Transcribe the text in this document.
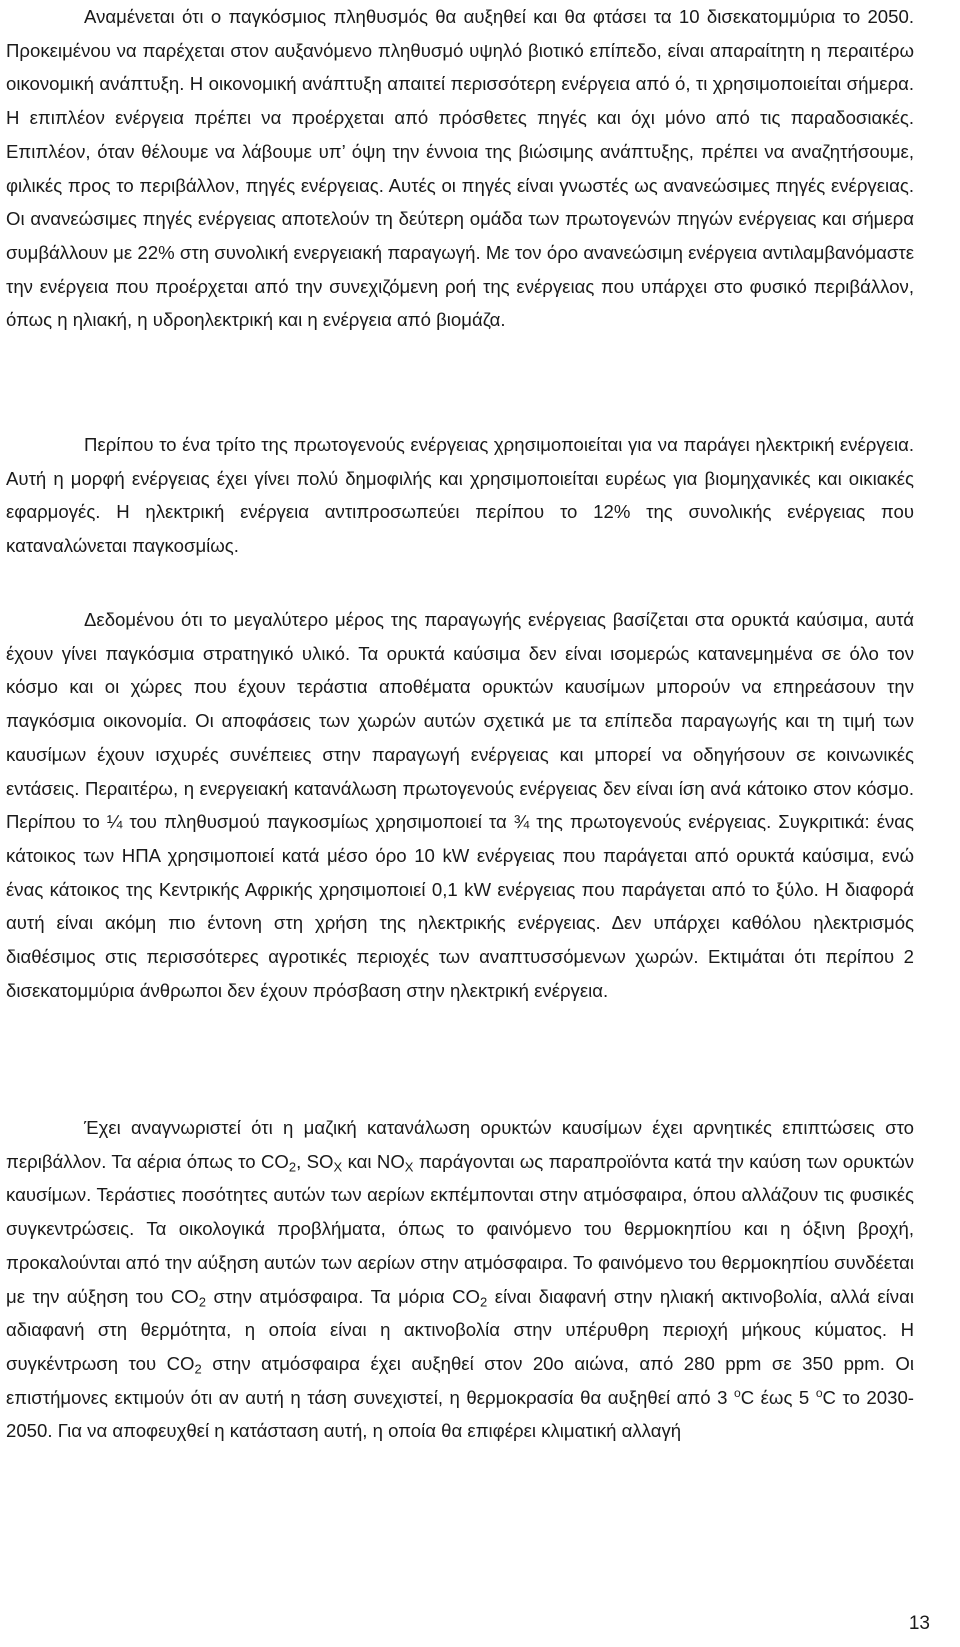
Αναμένεται ότι ο παγκόσμιος πληθυσμός θα αυξηθεί και θα φτάσει τα 10 δισεκατομμύρια το 2050. Προκειμένου να παρέχεται στον αυξανόμενο πληθυσμό υψηλό βιοτικό επίπεδο, είναι απαραίτητη η περαιτέρω οικονομική ανάπτυξη. Η οικονομική ανάπτυξη απαιτεί περισσότερη ενέργεια από ό, τι χρησιμοποιείται σήμερα. Η επιπλέον ενέργεια πρέπει να προέρχεται από πρόσθετες πηγές και όχι μόνο από τις παραδοσιακές. Επιπλέον, όταν θέλουμε να λάβουμε υπ’ όψη την έννοια της βιώσιμης ανάπτυξης, πρέπει να αναζητήσουμε, φιλικές προς το περιβάλλον, πηγές ενέργειας. Αυτές οι πηγές είναι γνωστές ως ανανεώσιμες πηγές ενέργειας. Οι ανανεώσιμες πηγές ενέργειας αποτελούν τη δεύτερη ομάδα των πρωτογενών πηγών ενέργειας και σήμερα συμβάλλουν με 22% στη συνολική ενεργειακή παραγωγή. Με τον όρο ανανεώσιμη ενέργεια αντιλαμβανόμαστε την ενέργεια που προέρχεται από την συνεχιζόμενη ροή της ενέργειας που υπάρχει στο φυσικό περιβάλλον, όπως η ηλιακή, η υδροηλεκτρική και η ενέργεια από βιομάζα.

Περίπου το ένα τρίτο της πρωτογενούς ενέργειας χρησιμοποιείται για να παράγει ηλεκτρική ενέργεια. Αυτή η μορφή ενέργειας έχει γίνει πολύ δημοφιλής και χρησιμοποιείται ευρέως για βιομηχανικές και οικιακές εφαρμογές. Η ηλεκτρική ενέργεια αντιπροσωπεύει περίπου το 12% της συνολικής ενέργειας που καταναλώνεται παγκοσμίως.

Δεδομένου ότι το μεγαλύτερο μέρος της παραγωγής ενέργειας βασίζεται στα ορυκτά καύσιμα, αυτά έχουν γίνει παγκόσμια στρατηγικό υλικό. Τα ορυκτά καύσιμα δεν είναι ισομερώς κατανεμημένα σε όλο τον κόσμο και οι χώρες που έχουν τεράστια αποθέματα ορυκτών καυσίμων μπορούν να επηρεάσουν την παγκόσμια οικονομία. Οι αποφάσεις των χωρών αυτών σχετικά με τα επίπεδα παραγωγής και τη τιμή των καυσίμων έχουν ισχυρές συνέπειες στην παραγωγή ενέργειας και μπορεί να οδηγήσουν σε κοινωνικές εντάσεις. Περαιτέρω, η ενεργειακή κατανάλωση πρωτογενούς ενέργειας δεν είναι ίση ανά κάτοικο στον κόσμο. Περίπου το ¼ του πληθυσμού παγκοσμίως χρησιμοποιεί τα ¾ της πρωτογενούς ενέργειας. Συγκριτικά: ένας κάτοικος των ΗΠΑ χρησιμοποιεί κατά μέσο όρο 10 kW ενέργειας που παράγεται από ορυκτά καύσιμα, ενώ ένας κάτοικος της Κεντρικής Αφρικής χρησιμοποιεί 0,1 kW ενέργειας που παράγεται από το ξύλο. Η διαφορά αυτή είναι ακόμη πιο έντονη στη χρήση της ηλεκτρικής ενέργειας. Δεν υπάρχει καθόλου ηλεκτρισμός διαθέσιμος στις περισσότερες αγροτικές περιοχές των αναπτυσσόμενων χωρών. Εκτιμάται ότι περίπου 2 δισεκατομμύρια άνθρωποι δεν έχουν πρόσβαση στην ηλεκτρική ενέργεια.

Έχει αναγνωριστεί ότι η μαζική κατανάλωση ορυκτών καυσίμων έχει αρνητικές επιπτώσεις στο περιβάλλον. Τα αέρια όπως το $CO_2$, $SO_X$ και $NO_X$ παράγονται ως παραπροϊόντα κατά την καύση των ορυκτών καυσίμων. Τεράστιες ποσότητες αυτών των αερίων εκπέμπονται στην ατμόσφαιρα, όπου αλλάζουν τις φυσικές συγκεντρώσεις. Τα οικολογικά προβλήματα, όπως το φαινόμενο του θερμοκηπίου και η όξινη βροχή, προκαλούνται από την αύξηση αυτών των αερίων στην ατμόσφαιρα. Το φαινόμενο του θερμοκηπίου συνδέεται με την αύξηση του $CO_2$ στην ατμόσφαιρα. Τα μόρια $CO_2$ είναι διαφανή στην ηλιακή ακτινοβολία, αλλά είναι αδιαφανή στη θερμότητα, η οποία είναι η ακτινοβολία στην υπέρυθρη περιοχή μήκους κύματος. Η συγκέντρωση του $CO_2$ στην ατμόσφαιρα έχει αυξηθεί στον 20ο αιώνα, από 280 ppm σε 350 ppm. Οι επιστήμονες εκτιμούν ότι αν αυτή η τάση συνεχιστεί, η θερμοκρασία θα αυξηθεί από 3 $^o$C έως 5 $^o$C το 2030-2050. Για να αποφευχθεί η κατάσταση αυτή, η οποία θα επιφέρει κλιματική αλλαγή

13
